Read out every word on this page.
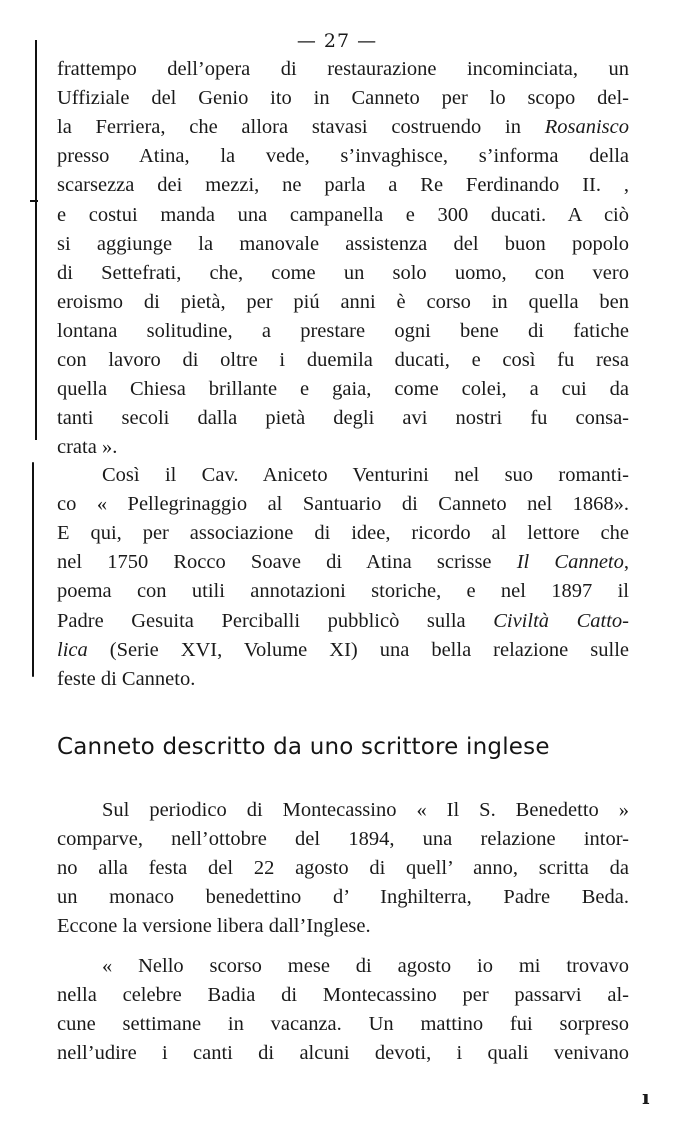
— 27 —
frattempo dell’opera di restaurazione incominciata, un
Uffiziale del Genio ito in Canneto per lo scopo del-
la Ferriera, che allora stavasi costruendo in Rosanisco
presso Atina, la vede, s’invaghisce, s’informa della
scarsezza dei mezzi, ne parla a Re Ferdinando II. ,
e costui manda una campanella e 300 ducati. A ciò
si aggiunge la manovale assistenza del buon popolo
di Settefrati, che, come un solo uomo, con vero
eroismo di pietà, per piú anni è corso in quella ben
lontana solitudine, a prestare ogni bene di fatiche
con lavoro di oltre i duemila ducati, e così fu resa
quella Chiesa brillante e gaia, come colei, a cui da
tanti secoli dalla pietà degli avi nostri fu consa-
crata ».
Così il Cav. Aniceto Venturini nel suo romanti-
co « Pellegrinaggio al Santuario di Canneto nel 1868».
E qui, per associazione di idee, ricordo al lettore che
nel 1750 Rocco Soave di Atina scrisse Il Canneto,
poema con utili annotazioni storiche, e nel 1897 il
Padre Gesuita Perciballi pubblicò sulla Civiltà Catto-
lica (Serie XVI, Volume XI) una bella relazione sulle
feste di Canneto.
Sul periodico di Montecassino « Il S. Benedetto »
comparve, nell’ottobre del 1894, una relazione intor-
no alla festa del 22 agosto di quell’ anno, scritta da
un monaco benedettino d’ Inghilterra, Padre Beda.
Eccone la versione libera dall’Inglese.
« Nello scorso mese di agosto io mi trovavo
nella celebre Badia di Montecassino per passarvi al-
cune settimane in vacanza. Un mattino fui sorpreso
nell’udire i canti di alcuni devoti, i quali venivano
Canneto descritto da uno scrittore inglese
ı
